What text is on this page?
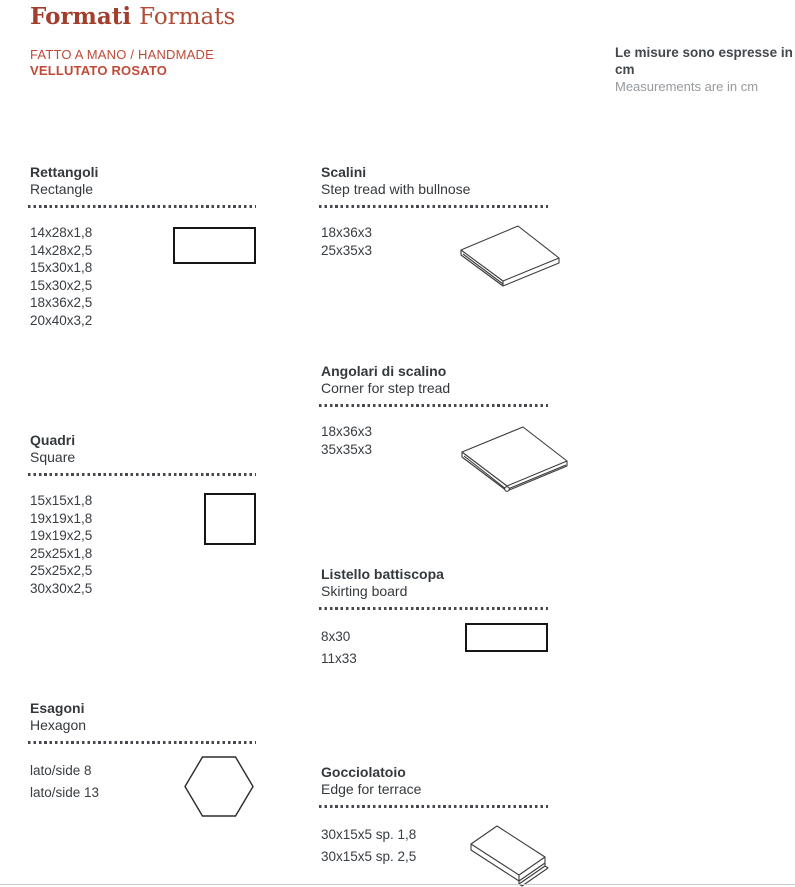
Formati Formats
FATTO A MANO / HANDMADE
VELLUTATO ROSATO
Le misure sono espresse in cm
Measurements are in cm
Rettangoli
Rectangle
14x28x1,8
14x28x2,5
15x30x1,8
15x30x2,5
18x36x2,5
20x40x3,2
Quadri
Square
15x15x1,8
19x19x1,8
19x19x2,5
25x25x1,8
25x25x2,5
30x30x2,5
Esagoni
Hexagon
lato/side 8
lato/side 13
Scalini
Step tread with bullnose
18x36x3
25x35x3
Angolari di scalino
Corner for step tread
18x36x3
35x35x3
Listello battiscopa
Skirting board
8x30
11x33
Gocciolatoio
Edge for terrace
30x15x5 sp. 1,8
30x15x5 sp. 2,5
